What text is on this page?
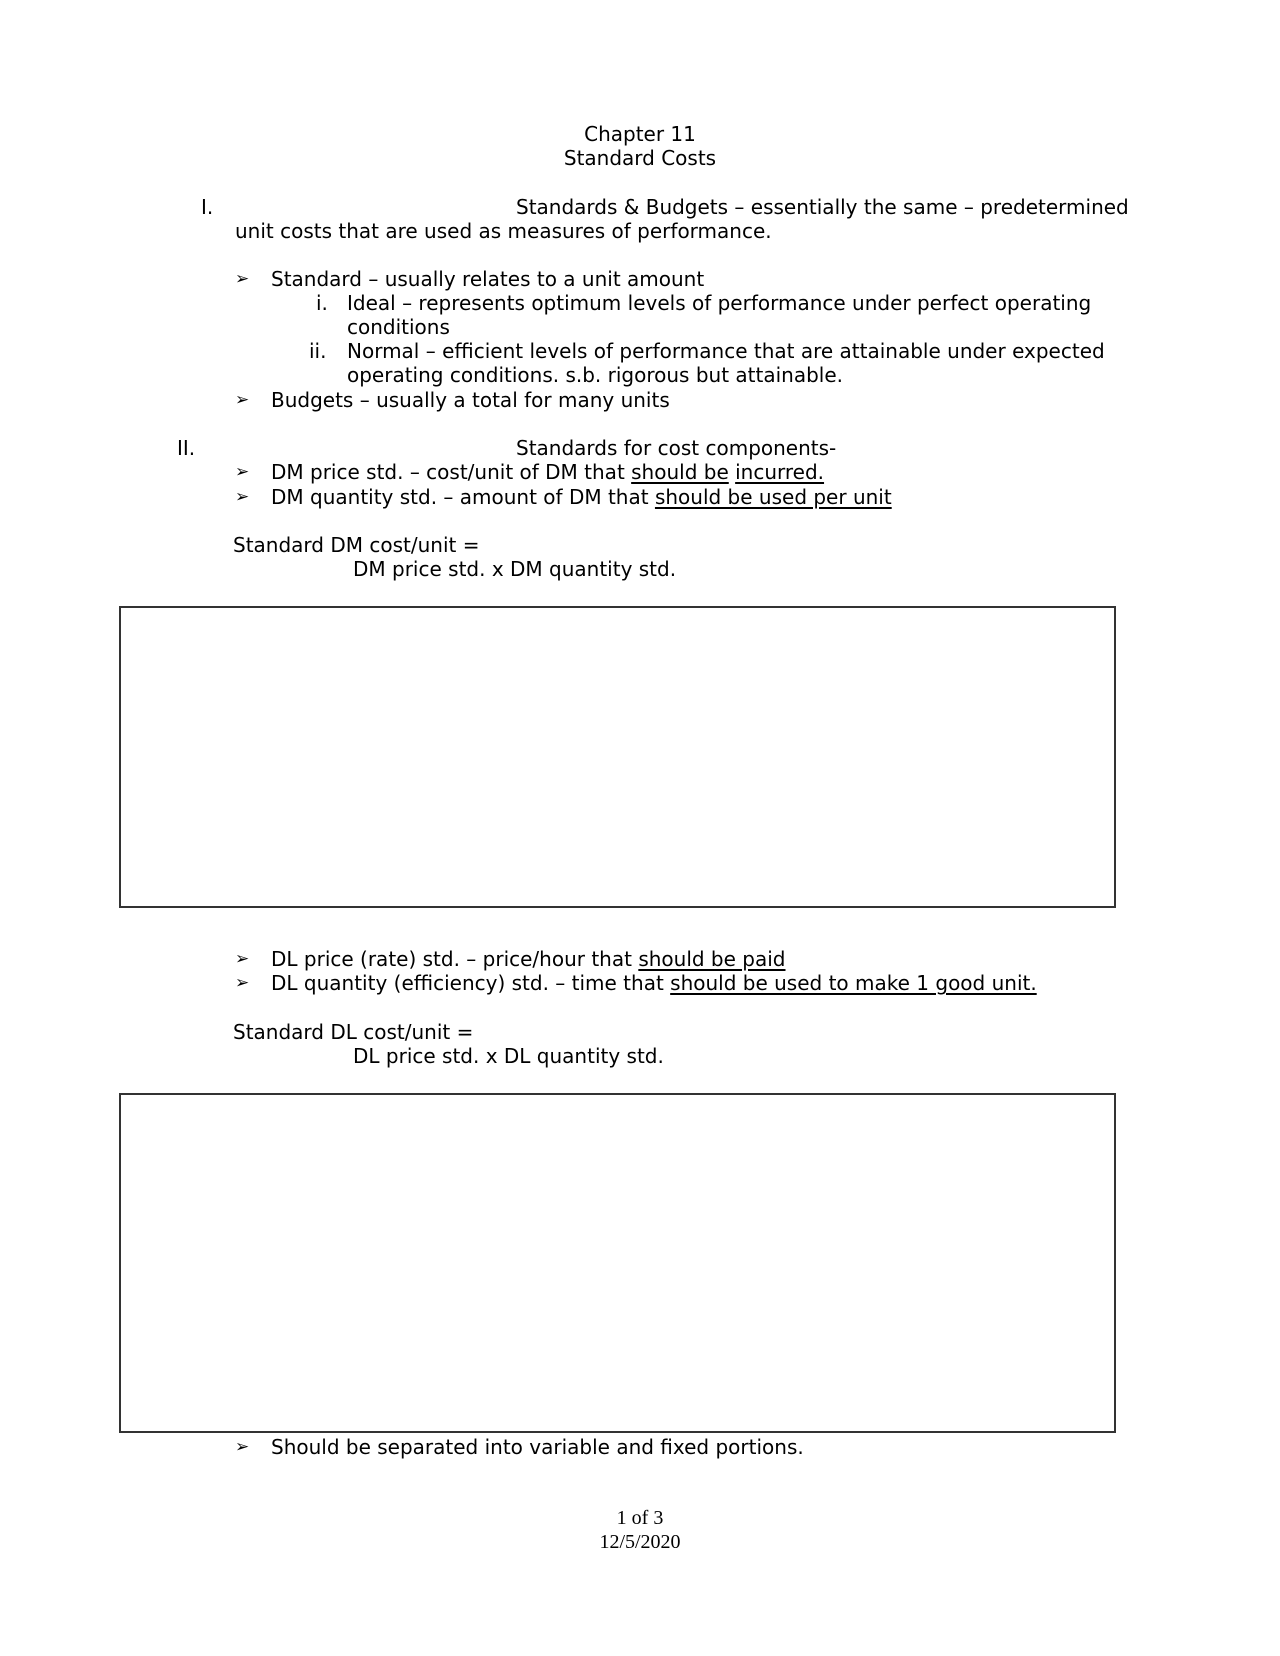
Chapter 11
Standard Costs
I.	Standards & Budgets – essentially the same – predetermined
unit costs that are used as measures of performance.
➢ Standard – usually relates to a unit amount
i. Ideal – represents optimum levels of performance under perfect operating
conditions
ii. Normal – efficient levels of performance that are attainable under expected
operating conditions. s.b. rigorous but attainable.
➢ Budgets – usually a total for many units
II.	Standards for cost components-
➢ DM price std. – cost/unit of DM that should be incurred.
➢ DM quantity std. – amount of DM that should be used per unit
Standard DM cost/unit =
DM price std. x DM quantity std.
➢ DL price (rate) std. – price/hour that should be paid
➢ DL quantity (efficiency) std. – time that should be used to make 1 good unit.
Standard DL cost/unit =
DL price std. x DL quantity std.
➢ Should be separated into variable and fixed portions.
1 of 3
12/5/2020
